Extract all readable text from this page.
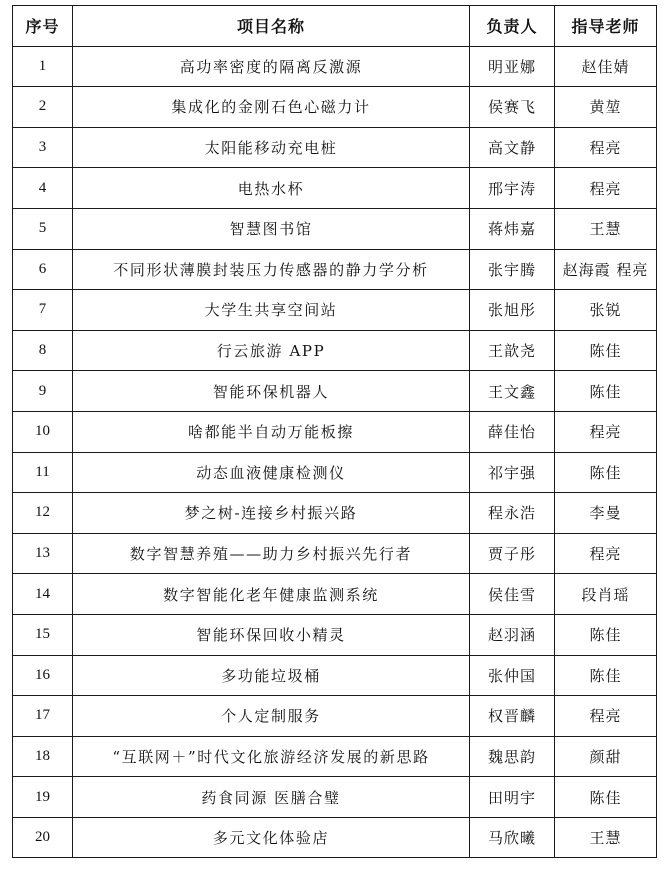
序号	项目名称	负责人	指导老师
1	高功率密度的隔离反激源	明亚娜	赵佳婧
2	集成化的金刚石色心磁力计	侯赛飞	黄堃
3	太阳能移动充电桩	高文静	程亮
4	电热水杯	邢宇涛	程亮
5	智慧图书馆	蒋炜嘉	王慧
6	不同形状薄膜封装压力传感器的静力学分析	张宇腾	赵海霞 程亮
7	大学生共享空间站	张旭彤	张锐
8	行云旅游 APP	王歆尧	陈佳
9	智能环保机器人	王文鑫	陈佳
10	啥都能半自动万能板擦	薛佳怡	程亮
11	动态血液健康检测仪	祁宇强	陈佳
12	梦之树-连接乡村振兴路	程永浩	李曼
13	数字智慧养殖——助力乡村振兴先行者	贾子彤	程亮
14	数字智能化老年健康监测系统	侯佳雪	段肖瑶
15	智能环保回收小精灵	赵羽涵	陈佳
16	多功能垃圾桶	张仲国	陈佳
17	个人定制服务	权晋麟	程亮
18	“互联网＋”时代文化旅游经济发展的新思路	魏思韵	颜甜
19	药食同源 医膳合璧	田明宇	陈佳
20	多元文化体验店	马欣曦	王慧
